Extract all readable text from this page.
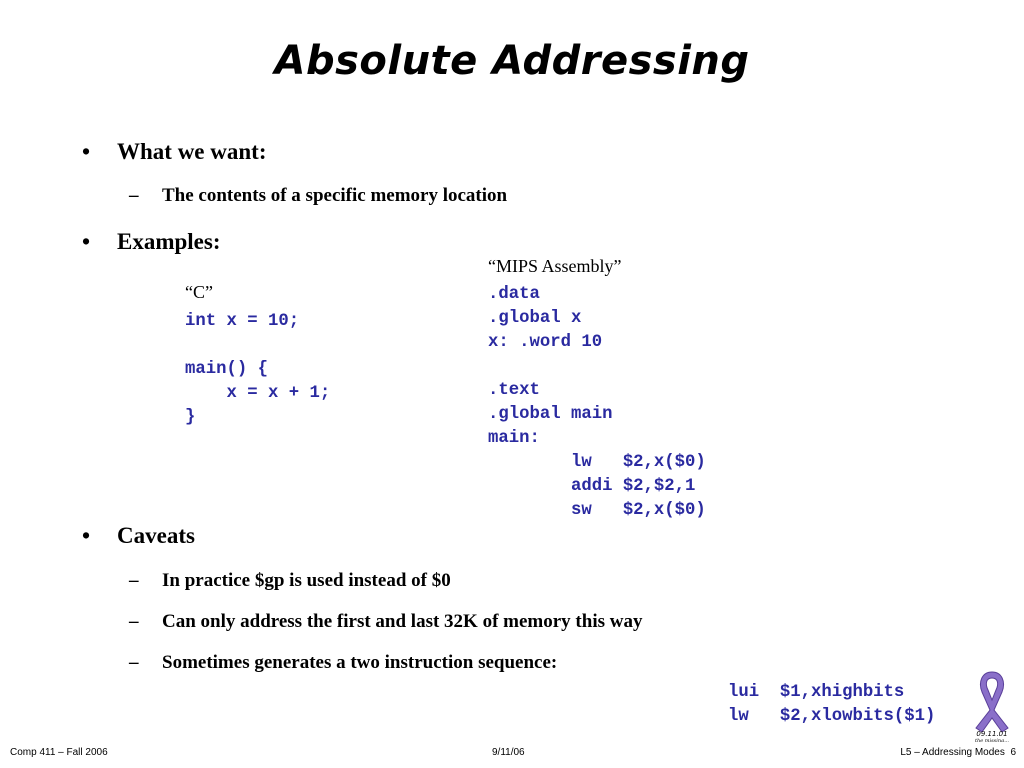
Absolute Addressing
• What we want:
– The contents of a specific memory location
• Examples:
“C”
int x = 10;

main() {
x = x + 1;
}
“MIPS Assembly”
.data
.global x
x: .word 10

.text
.global main
main:
lw   $2,x($0)
addi $2,$2,1
sw   $2,x($0)
• Caveats
– In practice $gp is used instead of $0
– Can only address the first and last 32K of memory this way
– Sometimes generates a two instruction sequence:
lui  $1,xhighbits
lw   $2,xlowbits($1)
09.11.01
the missing...
Comp 411 – Fall 2006	9/11/06	L5 – Addressing Modes 6
